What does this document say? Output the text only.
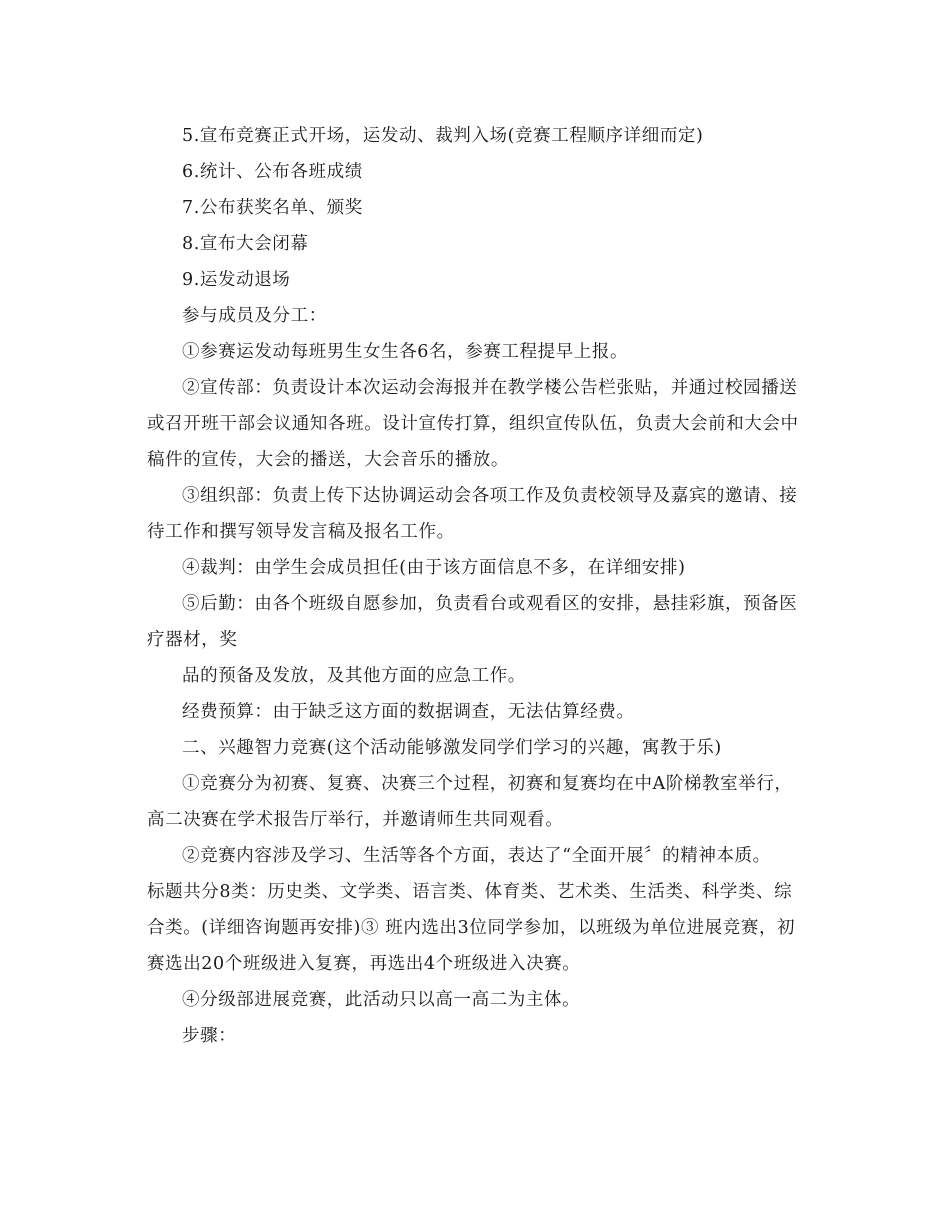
5.宣布竞赛正式开场，运发动、裁判入场(竞赛工程顺序详细而定)

6.统计、公布各班成绩

7.公布获奖名单、颁奖

8.宣布大会闭幕

9.运发动退场

参与成员及分工：

①参赛运发动每班男生女生各6名，参赛工程提早上报。

②宣传部：负责设计本次运动会海报并在教学楼公告栏张贴，并通过校园播送或召开班干部会议通知各班。设计宣传打算，组织宣传队伍，负责大会前和大会中稿件的宣传，大会的播送，大会音乐的播放。

③组织部：负责上传下达协调运动会各项工作及负责校领导及嘉宾的邀请、接待工作和撰写领导发言稿及报名工作。

④裁判：由学生会成员担任(由于该方面信息不多，在详细安排)

⑤后勤：由各个班级自愿参加，负责看台或观看区的安排，悬挂彩旗，预备医疗器材，奖

品的预备及发放，及其他方面的应急工作。

经费预算：由于缺乏这方面的数据调查，无法估算经费。

二、兴趣智力竞赛(这个活动能够激发同学们学习的兴趣，寓教于乐)

①竞赛分为初赛、复赛、决赛三个过程，初赛和复赛均在中A阶梯教室举行，高二决赛在学术报告厅举行，并邀请师生共同观看。

②竞赛内容涉及学习、生活等各个方面，表达了“全面开展〞的精神本质。

标题共分8类：历史类、文学类、语言类、体育类、艺术类、生活类、科学类、综合类。(详细咨询题再安排)③ 班内选出3位同学参加，以班级为单位进展竞赛，初赛选出20个班级进入复赛，再选出4个班级进入决赛。

④分级部进展竞赛，此活动只以高一高二为主体。

步骤：
